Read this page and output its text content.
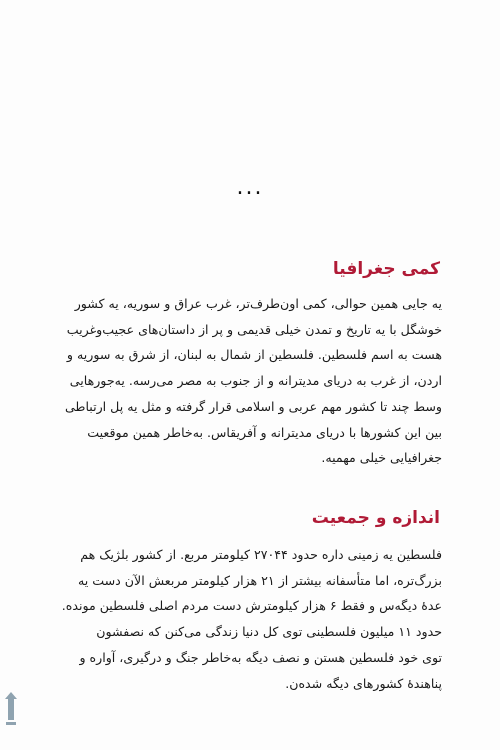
...
کمی جغرافیا
یه جایی همین حوالی، کمی اون‌طرف‌تر، غرب عراق و سوریه، یه کشور
خوشگل با یه تاریخ و تمدن خیلی قدیمی و پر از داستان‌های عجیب‌وغریب
هست به اسم فلسطین. فلسطین از شمال به لبنان، از شرق به سوریه و
اردن، از غرب به دریای مدیترانه و از جنوب به مصر می‌رسه. یه‌جورهایی
وسط چند تا کشور مهم عربی و اسلامی قرار گرفته و مثل یه پل ارتباطی
بین این کشورها با دریای مدیترانه و آفریقاس. به‌خاطر همین موقعیت
جغرافیایی خیلی مهمیه.
اندازه و جمعیت
فلسطین یه زمینی داره حدود ۲۷۰۴۴ کیلومتر مربع. از کشور بلژیک هم
بزرگ‌تره، اما متأسفانه بیشتر از ۲۱ هزار کیلومتر مربعش الآن دست یه
عدهٔ دیگه‌س و فقط ۶ هزار کیلومترش دست مردم اصلی فلسطین مونده.
حدود ۱۱ میلیون فلسطینی توی کل دنیا زندگی می‌کنن که نصفشون
توی خود فلسطین هستن و نصف دیگه به‌خاطر جنگ و درگیری، آواره و
پناهندهٔ کشورهای دیگه شده‌ن.
